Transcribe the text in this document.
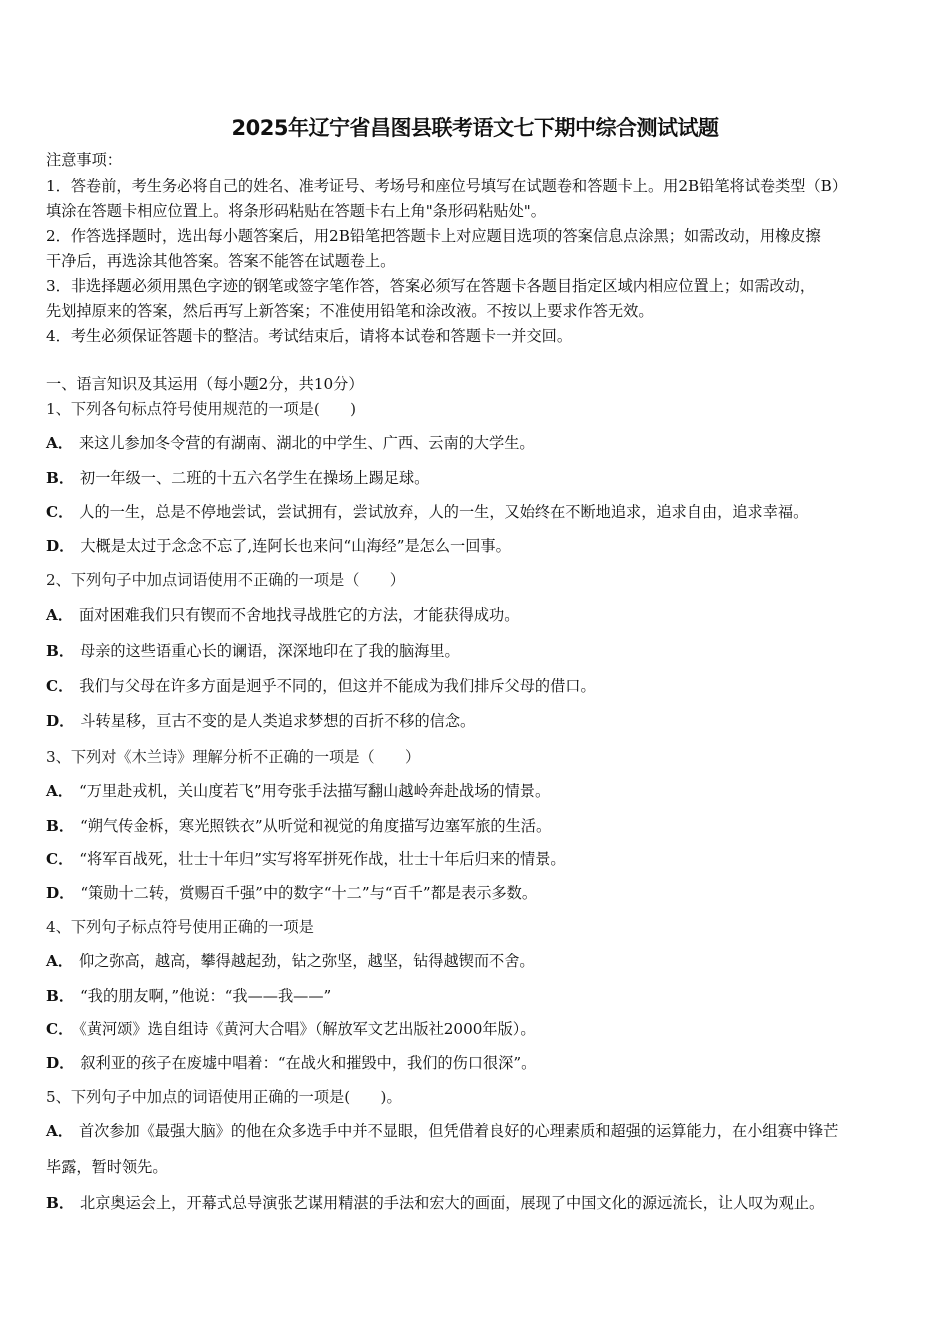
2025年辽宁省昌图县联考语文七下期中综合测试试题
注意事项：
1．答卷前，考生务必将自己的姓名、准考证号、考场号和座位号填写在试题卷和答题卡上。用2B铅笔将试卷类型（B）
填涂在答题卡相应位置上。将条形码粘贴在答题卡右上角"条形码粘贴处"。
2．作答选择题时，选出每小题答案后，用2B铅笔把答题卡上对应题目选项的答案信息点涂黑；如需改动，用橡皮擦
干净后，再选涂其他答案。答案不能答在试题卷上。
3．非选择题必须用黑色字迹的钢笔或签字笔作答，答案必须写在答题卡各题目指定区域内相应位置上；如需改动，
先划掉原来的答案，然后再写上新答案；不准使用铅笔和涂改液。不按以上要求作答无效。
4．考生必须保证答题卡的整洁。考试结束后，请将本试卷和答题卡一并交回。
一、语言知识及其运用（每小题2分，共10分）
1、下列各句标点符号使用规范的一项是(　　)
A． 来这儿参加冬令营的有湖南、湖北的中学生、广西、云南的大学生。
B． 初一年级一、二班的十五六名学生在操场上踢足球。
C． 人的一生，总是不停地尝试，尝试拥有，尝试放弃，人的一生，又始终在不断地追求，追求自由，追求幸福。
D． 大概是太过于念念不忘了,连阿长也来问“山海经”是怎么一回事。
2、下列句子中加点词语使用不正确的一项是（　　）
A． 面对困难我们只有锲而不舍地找寻战胜它的方法，才能获得成功。
B． 母亲的这些语重心长的谰语，深深地印在了我的脑海里。
C． 我们与父母在许多方面是迥乎不同的，但这并不能成为我们排斥父母的借口。
D． 斗转星移，亘古不变的是人类追求梦想的百折不移的信念。
3、下列对《木兰诗》理解分析不正确的一项是（　　）
A． “万里赴戎机，关山度若飞”用夸张手法描写翻山越岭奔赴战场的情景。
B． “朔气传金柝，寒光照铁衣”从听觉和视觉的角度描写边塞军旅的生活。
C． “将军百战死，壮士十年归”实写将军拼死作战，壮士十年后归来的情景。
D． “策勋十二转，赏赐百千强”中的数字“十二”与“百千”都是表示多数。
4、下列句子标点符号使用正确的一项是
A． 仰之弥高，越高，攀得越起劲，钻之弥坚，越坚，钻得越锲而不舍。
B． “我的朋友啊，”他说：“我——我——”
C． 《黄河颂》选自组诗《黄河大合唱》（解放军文艺出版社2000年版）。
D． 叙利亚的孩子在废墟中唱着：“在战火和摧毁中，我们的伤口很深”。
5、下列句子中加点的词语使用正确的一项是(　　)。
A． 首次参加《最强大脑》的他在众多选手中并不显眼，但凭借着良好的心理素质和超强的运算能力，在小组赛中锋芒
毕露，暂时领先。
B． 北京奥运会上，开幕式总导演张艺谋用精湛的手法和宏大的画面，展现了中国文化的源远流长，让人叹为观止。
